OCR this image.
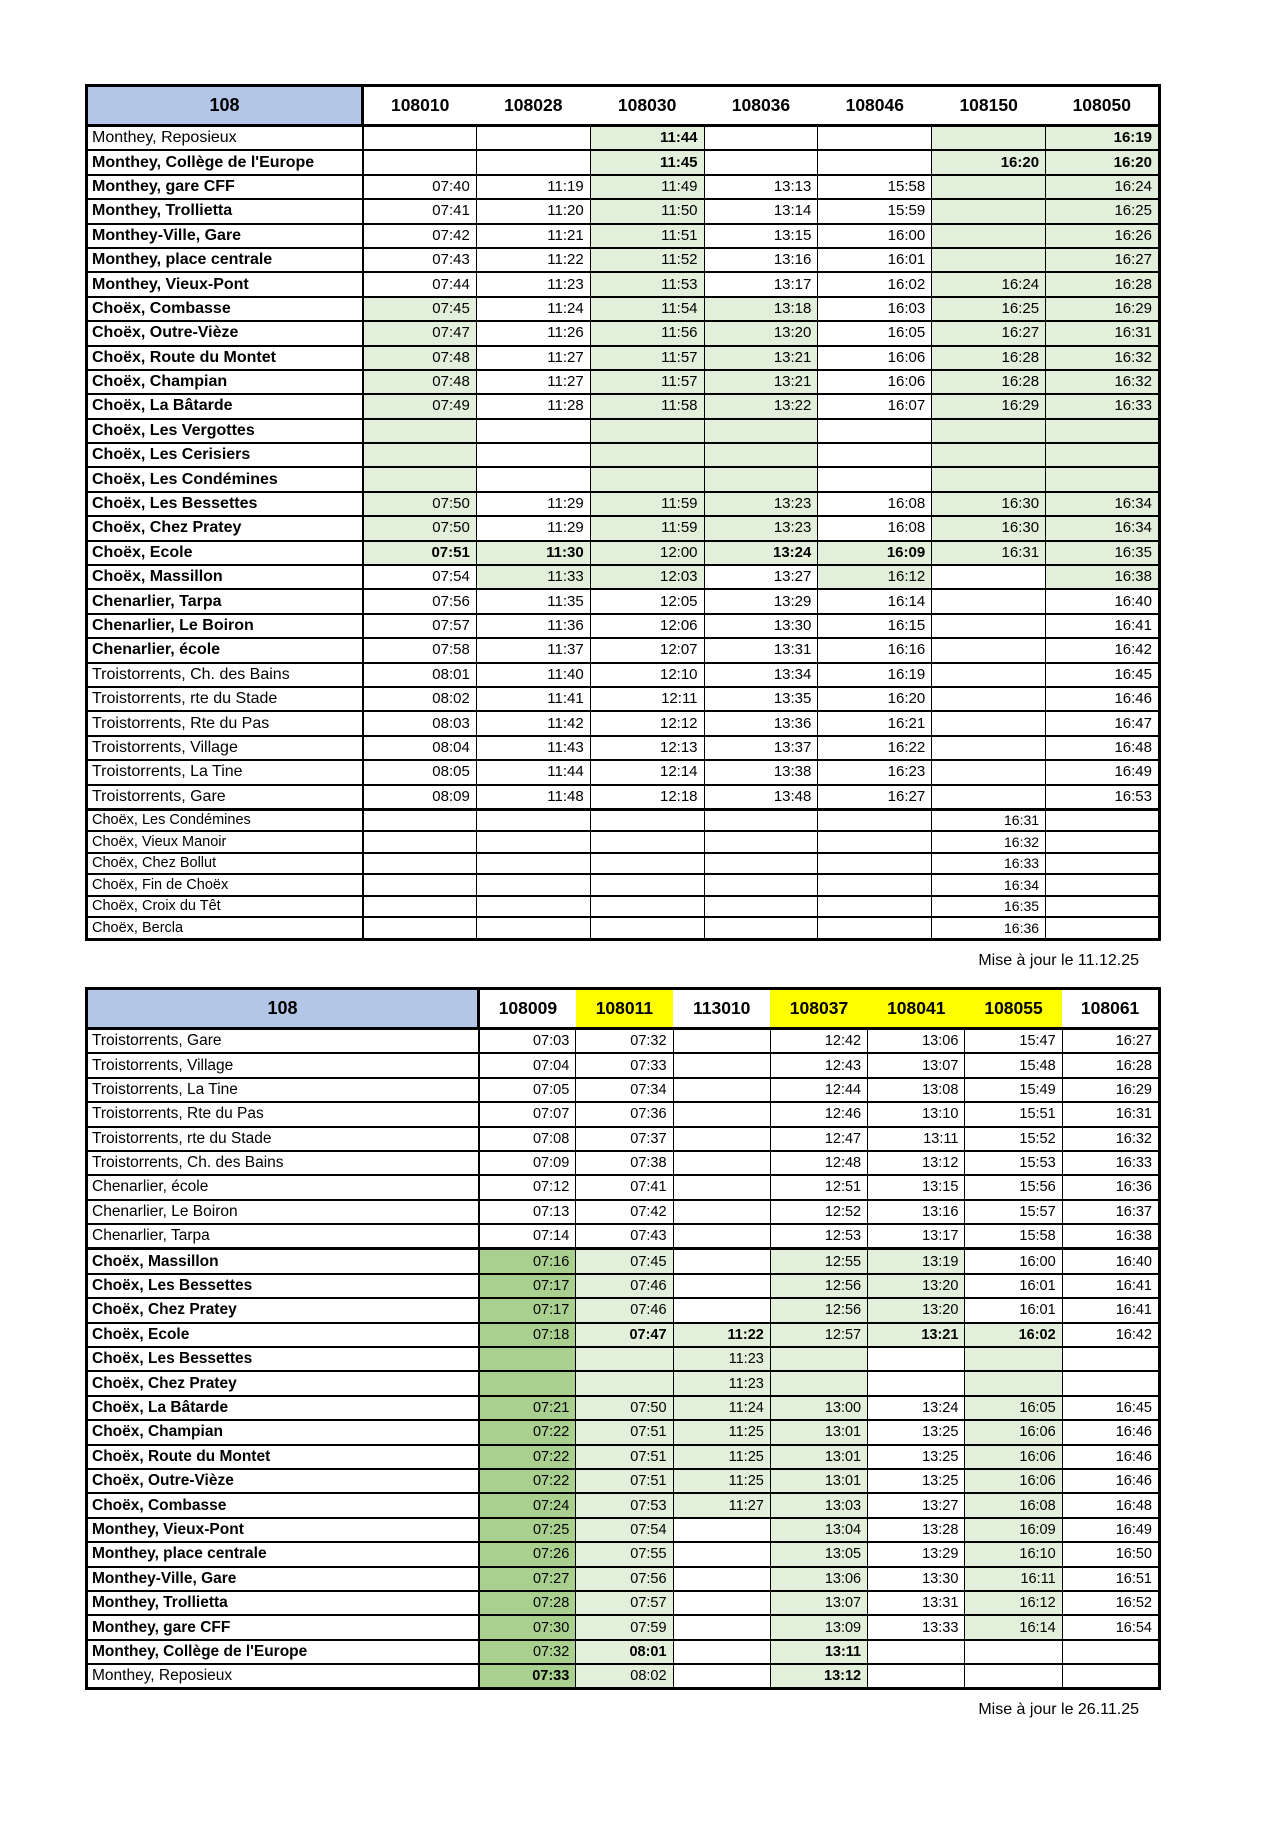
108	108010	108028	108030	108036	108046	108150	108050
Monthey, Reposieux			11:44				16:19
Monthey, Collège de l'Europe			11:45			16:20	16:20
Monthey, gare CFF	07:40	11:19	11:49	13:13	15:58		16:24
Monthey, Trollietta	07:41	11:20	11:50	13:14	15:59		16:25
Monthey-Ville, Gare	07:42	11:21	11:51	13:15	16:00		16:26
Monthey, place centrale	07:43	11:22	11:52	13:16	16:01		16:27
Monthey, Vieux-Pont	07:44	11:23	11:53	13:17	16:02	16:24	16:28
Choëx, Combasse	07:45	11:24	11:54	13:18	16:03	16:25	16:29
Choëx, Outre-Vièze	07:47	11:26	11:56	13:20	16:05	16:27	16:31
Choëx, Route du Montet	07:48	11:27	11:57	13:21	16:06	16:28	16:32
Choëx, Champian	07:48	11:27	11:57	13:21	16:06	16:28	16:32
Choëx, La Bâtarde	07:49	11:28	11:58	13:22	16:07	16:29	16:33
Choëx, Les Vergottes							
Choëx, Les Cerisiers							
Choëx, Les Condémines							
Choëx, Les Bessettes	07:50	11:29	11:59	13:23	16:08	16:30	16:34
Choëx, Chez Pratey	07:50	11:29	11:59	13:23	16:08	16:30	16:34
Choëx, Ecole	07:51	11:30	12:00	13:24	16:09	16:31	16:35
Choëx, Massillon	07:54	11:33	12:03	13:27	16:12		16:38
Chenarlier, Tarpa	07:56	11:35	12:05	13:29	16:14		16:40
Chenarlier, Le Boiron	07:57	11:36	12:06	13:30	16:15		16:41
Chenarlier, école	07:58	11:37	12:07	13:31	16:16		16:42
Troistorrents, Ch. des Bains	08:01	11:40	12:10	13:34	16:19		16:45
Troistorrents, rte du Stade	08:02	11:41	12:11	13:35	16:20		16:46
Troistorrents, Rte du Pas	08:03	11:42	12:12	13:36	16:21		16:47
Troistorrents, Village	08:04	11:43	12:13	13:37	16:22		16:48
Troistorrents, La Tine	08:05	11:44	12:14	13:38	16:23		16:49
Troistorrents, Gare	08:09	11:48	12:18	13:48	16:27		16:53
Choëx, Les Condémines						16:31	
Choëx, Vieux Manoir						16:32	
Choëx, Chez Bollut						16:33	
Choëx, Fin de Choëx						16:34	
Choëx, Croix du Têt						16:35	
Choëx, Bercla						16:36	
Mise à jour le 11.12.25
108	108009	108011	113010	108037	108041	108055	108061
Troistorrents, Gare	07:03	07:32		12:42	13:06	15:47	16:27
Troistorrents, Village	07:04	07:33		12:43	13:07	15:48	16:28
Troistorrents, La Tine	07:05	07:34		12:44	13:08	15:49	16:29
Troistorrents, Rte du Pas	07:07	07:36		12:46	13:10	15:51	16:31
Troistorrents, rte du Stade	07:08	07:37		12:47	13:11	15:52	16:32
Troistorrents, Ch. des Bains	07:09	07:38		12:48	13:12	15:53	16:33
Chenarlier, école	07:12	07:41		12:51	13:15	15:56	16:36
Chenarlier, Le Boiron	07:13	07:42		12:52	13:16	15:57	16:37
Chenarlier, Tarpa	07:14	07:43		12:53	13:17	15:58	16:38
Choëx, Massillon	07:16	07:45		12:55	13:19	16:00	16:40
Choëx, Les Bessettes	07:17	07:46		12:56	13:20	16:01	16:41
Choëx, Chez Pratey	07:17	07:46		12:56	13:20	16:01	16:41
Choëx, Ecole	07:18	07:47	11:22	12:57	13:21	16:02	16:42
Choëx, Les Bessettes			11:23				
Choëx, Chez Pratey			11:23				
Choëx, La Bâtarde	07:21	07:50	11:24	13:00	13:24	16:05	16:45
Choëx, Champian	07:22	07:51	11:25	13:01	13:25	16:06	16:46
Choëx, Route du Montet	07:22	07:51	11:25	13:01	13:25	16:06	16:46
Choëx, Outre-Vièze	07:22	07:51	11:25	13:01	13:25	16:06	16:46
Choëx, Combasse	07:24	07:53	11:27	13:03	13:27	16:08	16:48
Monthey, Vieux-Pont	07:25	07:54		13:04	13:28	16:09	16:49
Monthey, place centrale	07:26	07:55		13:05	13:29	16:10	16:50
Monthey-Ville, Gare	07:27	07:56		13:06	13:30	16:11	16:51
Monthey, Trollietta	07:28	07:57		13:07	13:31	16:12	16:52
Monthey, gare CFF	07:30	07:59		13:09	13:33	16:14	16:54
Monthey, Collège de l'Europe	07:32	08:01		13:11			
Monthey, Reposieux	07:33	08:02		13:12			
Mise à jour le 26.11.25
